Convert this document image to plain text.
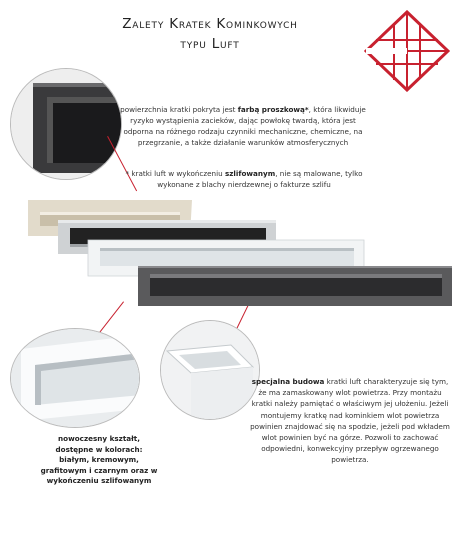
Zalety Kratek Kominkowych
typu Luft
powierzchnia kratki pokryta jest farbą proszkową*, która likwiduje ryzyko wystąpienia zacieków, dając powłokę twardą, która jest odporna na różnego rodzaju czynniki mechaniczne, chemiczne, na przegrzanie, a także działanie warunków atmosferycznych
* kratki luft w wykończeniu szlifowanym, nie są malowane, tylko wykonane z blachy nierdzewnej o fakturze szlifu
nowoczesny kształt, dostępne w kolorach: białym, kremowym, grafitowym i czarnym oraz w wykończeniu szlifowanym
specjalna budowa kratki luft charakteryzuje się tym, że ma zamaskowany wlot powietrza. Przy montażu kratki należy pamiętać o właściwym jej ułożeniu. Jeżeli montujemy kratkę nad kominkiem wlot powietrza powinien znajdować się na spodzie, jeżeli pod wkładem wlot powinien być na górze. Pozwoli to zachować odpowiedni, konwekcyjny przepływ ogrzewanego powietrza.
